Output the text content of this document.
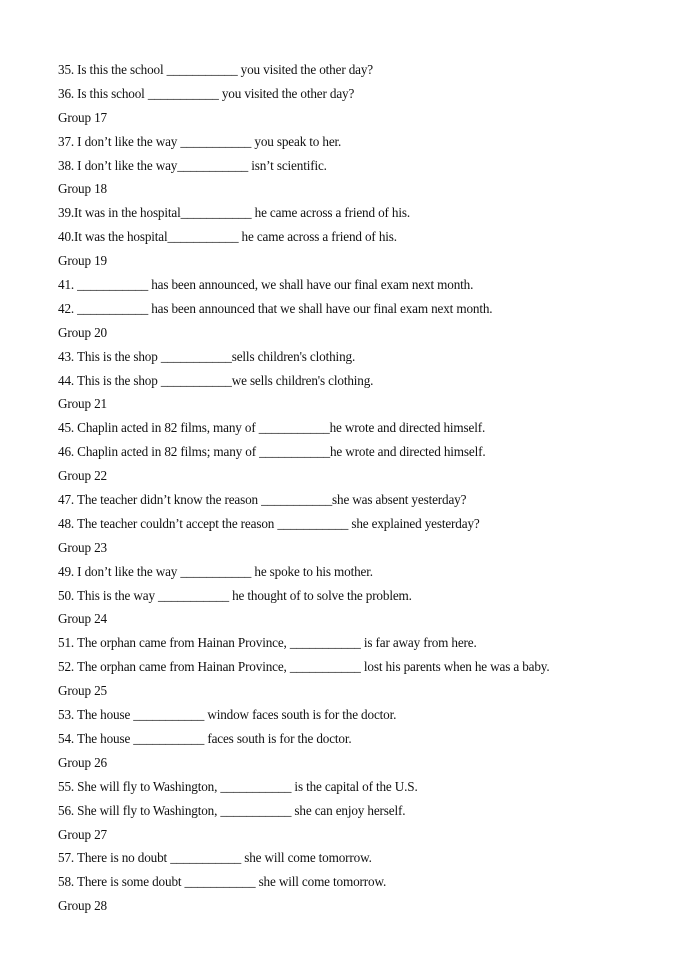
35. Is this the school ___________ you visited the other day?
36. Is this school ___________ you visited the other day?
Group 17
37. I don’t like the way ___________ you speak to her.
38. I don’t like the way___________ isn’t scientific.
Group 18
39.It was in the hospital___________ he came across a friend of his.
40.It was the hospital___________ he came across a friend of his.
Group 19
41. ___________ has been announced, we shall have our final exam next month.
42. ___________ has been announced that we shall have our final exam next month.
Group 20
43. This is the shop ___________sells children's clothing.
44. This is the shop ___________we sells children's clothing.
Group 21
45. Chaplin acted in 82 films, many of ___________he wrote and directed himself.
46. Chaplin acted in 82 films; many of ___________he wrote and directed himself.
Group 22
47. The teacher didn’t know the reason ___________she was absent yesterday?
48. The teacher couldn’t accept the reason ___________ she explained yesterday?
Group 23
49. I don’t like the way ___________ he spoke to his mother.
50. This is the way ___________ he thought of to solve the problem.
Group 24
51. The orphan came from Hainan Province, ___________ is far away from here.
52. The orphan came from Hainan Province, ___________ lost his parents when he was a baby.
Group 25
53. The house ___________ window faces south is for the doctor.
54. The house ___________ faces south is for the doctor.
Group 26
55. She will fly to Washington, ___________ is the capital of the U.S.
56. She will fly to Washington, ___________ she can enjoy herself.
Group 27
57. There is no doubt ___________ she will come tomorrow.
58. There is some doubt ___________ she will come tomorrow.
Group 28
